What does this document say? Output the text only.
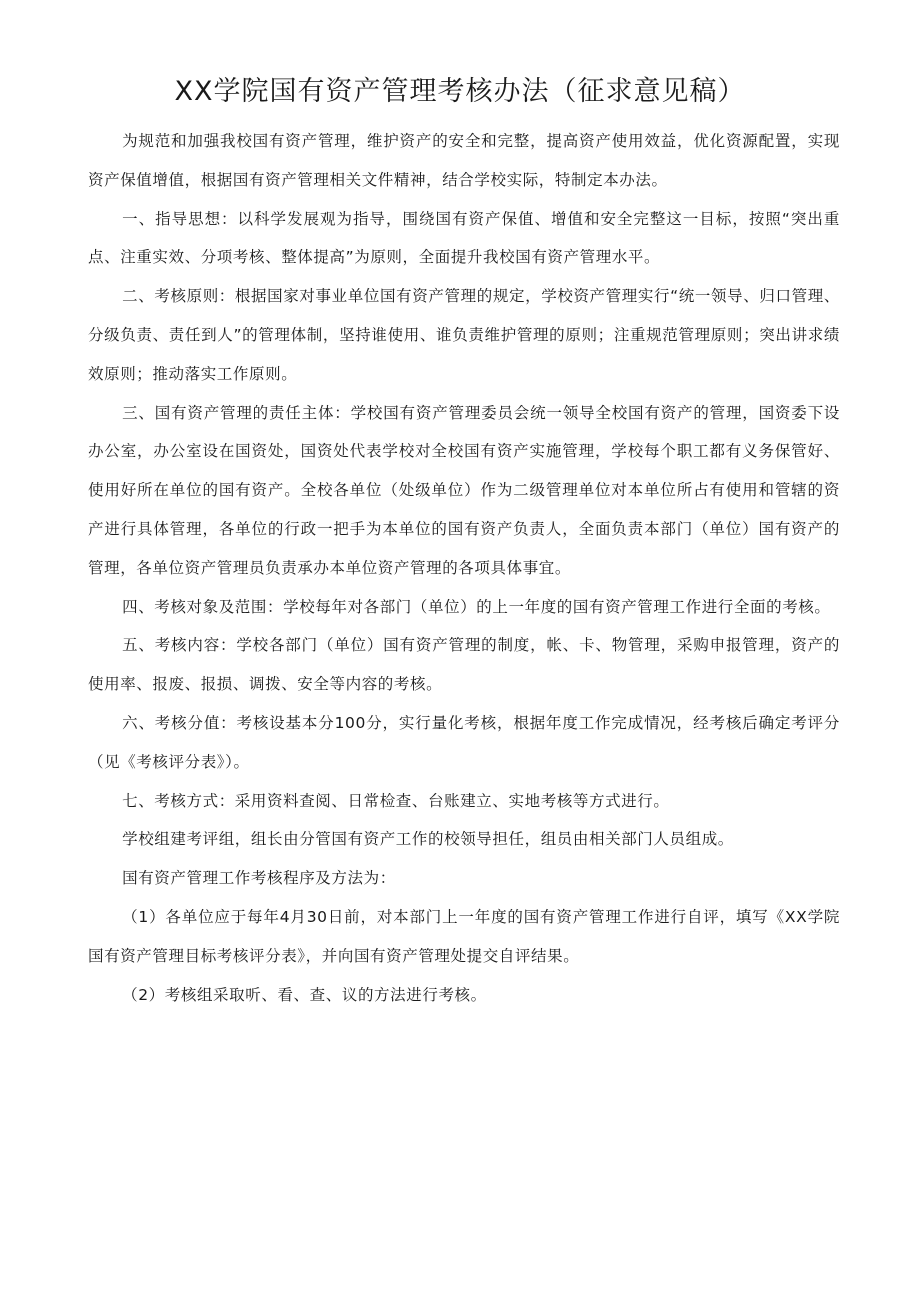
XX学院国有资产管理考核办法（征求意见稿）

为规范和加强我校国有资产管理，维护资产的安全和完整，提高资产使用效益，优化资源配置，实现资产保值增值，根据国有资产管理相关文件精神，结合学校实际，特制定本办法。

一、指导思想：以科学发展观为指导，围绕国有资产保值、增值和安全完整这一目标，按照“突出重点、注重实效、分项考核、整体提高”为原则，全面提升我校国有资产管理水平。

二、考核原则：根据国家对事业单位国有资产管理的规定，学校资产管理实行“统一领导、归口管理、分级负责、责任到人”的管理体制，坚持谁使用、谁负责维护管理的原则；注重规范管理原则；突出讲求绩效原则；推动落实工作原则。

三、国有资产管理的责任主体：学校国有资产管理委员会统一领导全校国有资产的管理，国资委下设办公室，办公室设在国资处，国资处代表学校对全校国有资产实施管理，学校每个职工都有义务保管好、使用好所在单位的国有资产。全校各单位（处级单位）作为二级管理单位对本单位所占有使用和管辖的资产进行具体管理，各单位的行政一把手为本单位的国有资产负责人，全面负责本部门（单位）国有资产的管理，各单位资产管理员负责承办本单位资产管理的各项具体事宜。

四、考核对象及范围：学校每年对各部门（单位）的上一年度的国有资产管理工作进行全面的考核。

五、考核内容：学校各部门（单位）国有资产管理的制度，帐、卡、物管理，采购申报管理，资产的使用率、报废、报损、调拨、安全等内容的考核。

六、考核分值：考核设基本分100分，实行量化考核，根据年度工作完成情况，经考核后确定考评分（见《考核评分表》）。

七、考核方式：采用资料查阅、日常检查、台账建立、实地考核等方式进行。

学校组建考评组，组长由分管国有资产工作的校领导担任，组员由相关部门人员组成。

国有资产管理工作考核程序及方法为：

（1）各单位应于每年4月30日前，对本部门上一年度的国有资产管理工作进行自评，填写《XX学院国有资产管理目标考核评分表》，并向国有资产管理处提交自评结果。

（2）考核组采取听、看、查、议的方法进行考核。
